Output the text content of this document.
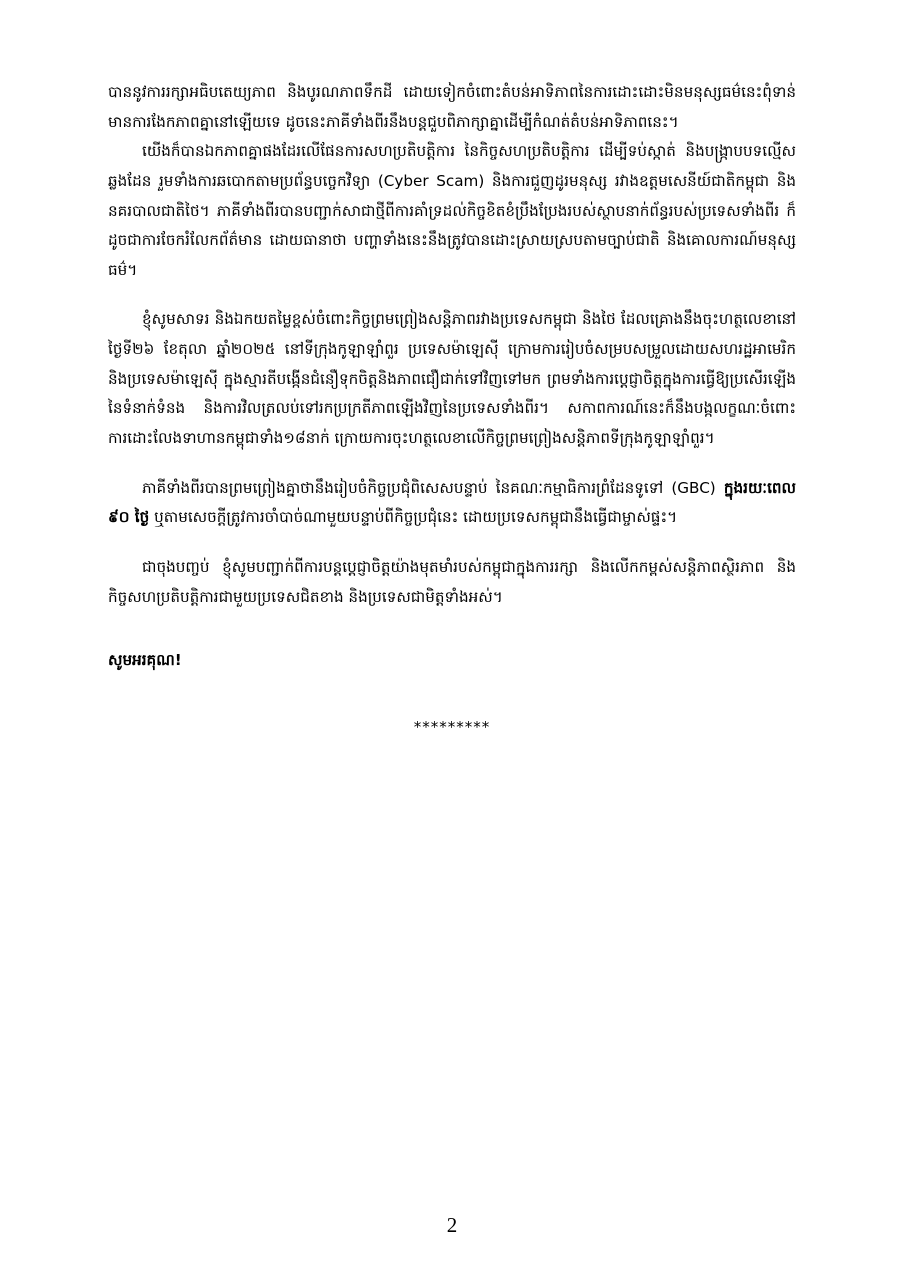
បាននូវការរក្សាអធិបតេយ្យភាព និងបូរណភាពទឹកដី ដោយទៀកចំពោះតំបន់អាទិភាពនៃការដោះដោះមិនមនុស្សធម៌នេះពុំទាន់មានការងែកភាពគ្នានៅឡើយទេ ដូចនេះភាគីទាំងពីរនឹងបន្តជួបពិភាក្សាគ្នាដើម្បីកំណត់តំបន់អាទិភាពនេះ។

យើងក៏បានឯកភាពគ្នាផងដែរលើផែនការសហប្រតិបត្តិការ នៃកិច្ចសហប្រតិបត្តិការ ដើម្បីទប់ស្កាត់ និងបង្រ្កាបបទល្មើសឆ្លងដែន រួមទាំងការឆបោកតាមប្រព័ន្ធបច្ចេកវិទ្យា (Cyber Scam) និងការជួញដូរមនុស្ស រវាងឧត្តមសេនីយ៍ជាតិកម្ពុជា និងនគរបាលជាតិថៃ។ ភាគីទាំងពីរបានបញ្ជាក់សាជាថ្មីពីការគាំទ្រដល់កិច្ចខិតខំប្រឹងប្រែងរបស់ស្ថាបនាក់ព័ន្ធរបស់ប្រទេសទាំងពីរ ក៏ដូចជាការចែករំលែកព័ត៌មាន ដោយធានាថា បញ្ហាទាំងនេះនឹងត្រូវបានដោះស្រាយស្របតាមច្បាប់ជាតិ និងគោលការណ៍មនុស្សធម៌។

ខ្ញុំសូមសាទរ និងឯកយតម្លៃខ្ពស់ចំពោះកិច្ចព្រមព្រៀងសន្តិភាពរវាងប្រទេសកម្ពុជា និងថៃ ដែលគ្រោងនឹងចុះហត្ថលេខានៅថ្ងៃទី២៦ ខែតុលា ឆ្នាំ២០២៥ នៅទីក្រុងកូឡាឡាំពួរ ប្រទេសម៉ាឡេស៊ី ក្រោមការរៀបចំសម្របសម្រួលដោយសហរដ្ឋអាមេរិក និងប្រទេសម៉ាឡេស៊ី ក្នុងស្មារតីបង្កើនជំនឿទុកចិត្តនិងភាពជឿជាក់ទៅវិញទៅមក ព្រមទាំងការប្តេជ្ញាចិត្តក្នុងការធ្វើឱ្យប្រសើរឡើងនៃទំនាក់ទំនង និងការវិលត្រលប់ទៅរកប្រក្រតីភាពឡើងវិញនៃប្រទេសទាំងពីរ។ សកាពការណ៍នេះក៏នឹងបង្កលក្ខណៈចំពោះការដោះលែងទាហានកម្ពុជាទាំង១៨នាក់ ក្រោយការចុះហត្ថលេខាលើកិច្ចព្រមព្រៀងសន្តិភាពទីក្រុងកូឡាឡាំពួរ។

ភាគីទាំងពីរបានព្រមព្រៀងគ្នាថានឹងរៀបចំកិច្ចប្រជុំពិសេសបន្ទាប់ នៃគណៈកម្មាធិការព្រំដែនទូទៅ (GBC) ក្នុងរយៈពេល ៩០ ថ្ងៃ ឬតាមសេចក្តីត្រូវការចាំបាច់ណាមួយបន្ទាប់ពីកិច្ចប្រជុំនេះ ដោយប្រទេសកម្ពុជានឹងធ្វើជាម្ចាស់ផ្ទះ។

ជាចុងបញ្ចប់ ខ្ញុំសូមបញ្ជាក់ពីការបន្តប្តេជ្ញាចិត្តយ៉ាងមុតមាំរបស់កម្ពុជាក្នុងការរក្សា និងលើកកម្ពស់សន្តិភាពស្ថិរភាព និងកិច្ចសហប្រតិបត្តិការជាមួយប្រទេសជិតខាង និងប្រទេសជាមិត្តទាំងអស់។

សូមអរគុណ!
*********
2
